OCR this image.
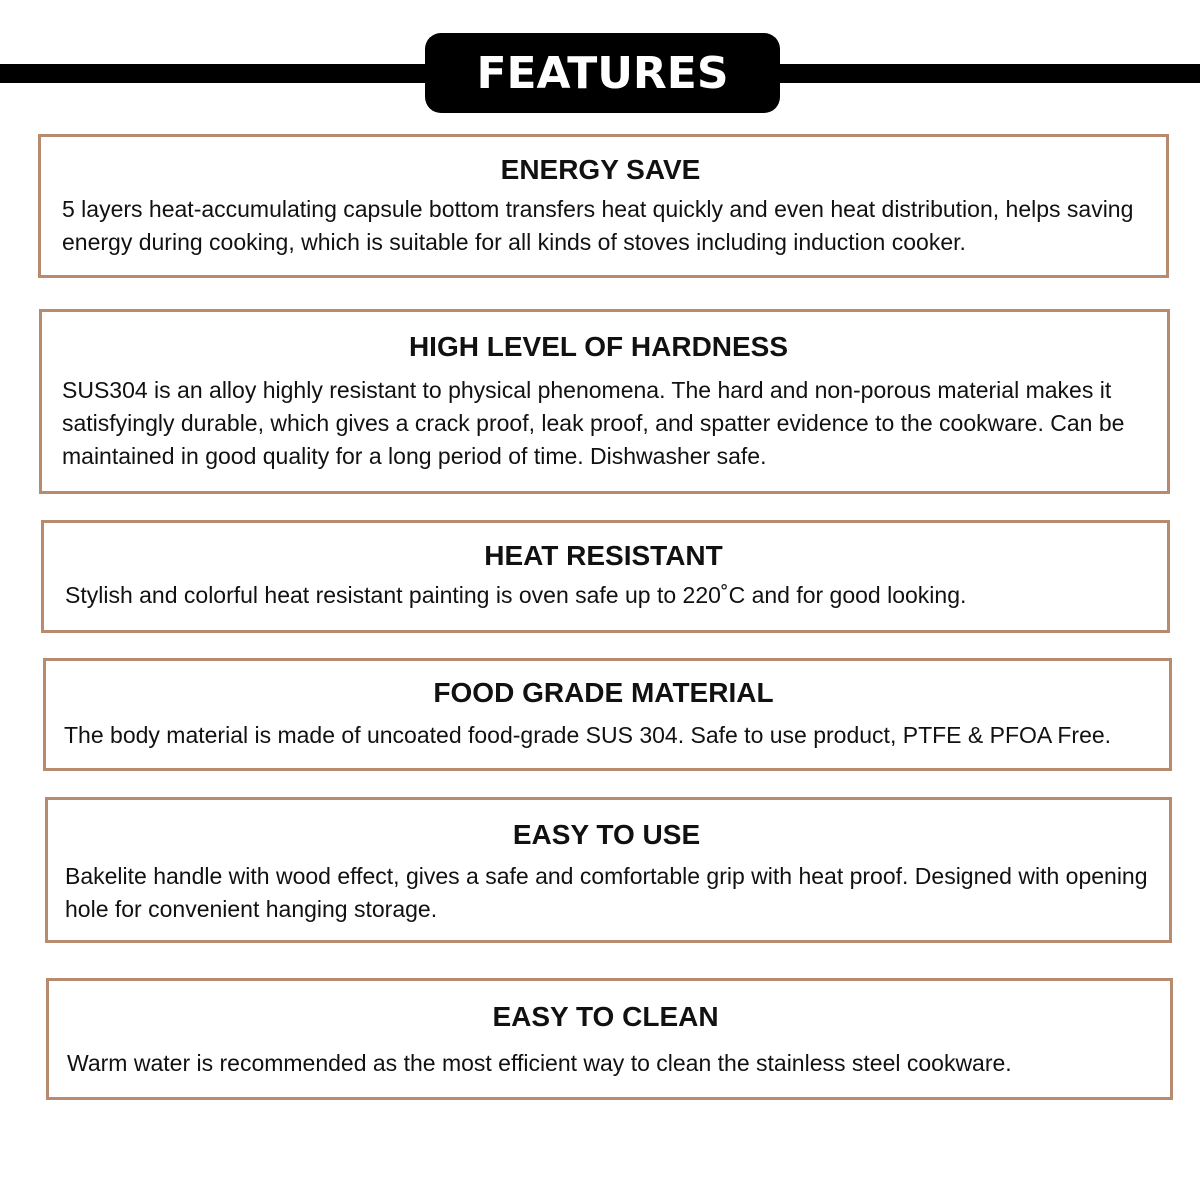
FEATURES
ENERGY SAVE
5 layers heat-accumulating capsule bottom transfers heat quickly and even heat distribution, helps saving energy during cooking, which is suitable for all kinds of stoves including induction cooker.
HIGH LEVEL OF HARDNESS
SUS304 is an alloy highly resistant to physical phenomena. The hard and non-porous material makes it satisfyingly durable, which gives a crack proof, leak proof, and spatter evidence to the cookware. Can be maintained in good quality for a long period of time. Dishwasher safe.
HEAT RESISTANT
Stylish and colorful heat resistant painting is oven safe up to 220˚C and for good looking.
FOOD GRADE MATERIAL
The body material is made of uncoated food-grade SUS 304. Safe to use product, PTFE & PFOA Free.
EASY TO USE
Bakelite handle with wood effect, gives a safe and comfortable grip with heat proof. Designed with opening hole for convenient hanging storage.
EASY TO CLEAN
Warm water is recommended as the most efficient way to clean the stainless steel cookware.
